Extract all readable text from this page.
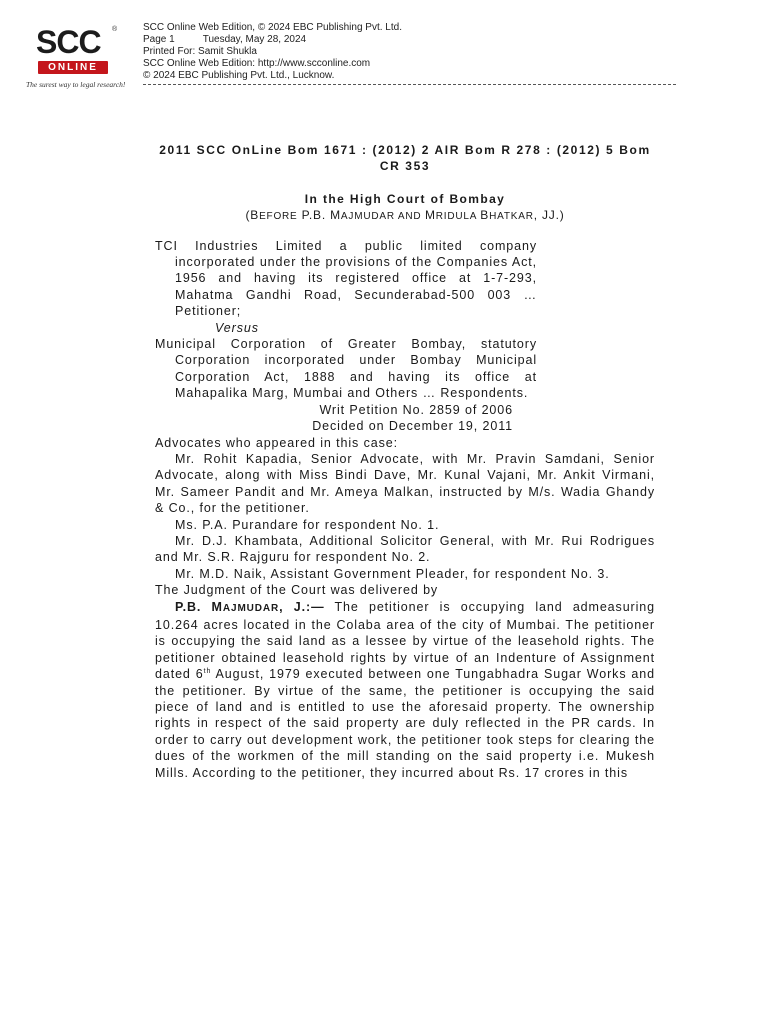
SCC ®
ONLINE
The surest way to legal research!
SCC Online Web Edition, © 2024 EBC Publishing Pvt. Ltd.
Page 1	Tuesday, May 28, 2024
Printed For: Samit Shukla
SCC Online Web Edition: http://www.scconline.com
© 2024 EBC Publishing Pvt. Ltd., Lucknow.
2011 SCC OnLine Bom 1671 : (2012) 2 AIR Bom R 278 : (2012) 5 Bom CR 353
In the High Court of Bombay
(BEFORE P.B. MAJMUDAR AND MRIDULA BHATKAR, JJ.)
TCI Industries Limited a public limited company incorporated under the provisions of the Companies Act, 1956 and having its registered office at 1-7-293, Mahatma Gandhi Road, Secunderabad-500 003 … Petitioner;
Versus
Municipal Corporation of Greater Bombay, statutory Corporation incorporated under Bombay Municipal Corporation Act, 1888 and having its office at Mahapalika Marg, Mumbai and Others … Respondents.
Writ Petition No. 2859 of 2006
Decided on December 19, 2011
Advocates who appeared in this case:
Mr. Rohit Kapadia, Senior Advocate, with Mr. Pravin Samdani, Senior Advocate, along with Miss Bindi Dave, Mr. Kunal Vajani, Mr. Ankit Virmani, Mr. Sameer Pandit and Mr. Ameya Malkan, instructed by M/s. Wadia Ghandy & Co., for the petitioner.
Ms. P.A. Purandare for respondent No. 1.
Mr. D.J. Khambata, Additional Solicitor General, with Mr. Rui Rodrigues and Mr. S.R. Rajguru for respondent No. 2.
Mr. M.D. Naik, Assistant Government Pleader, for respondent No. 3.
The Judgment of the Court was delivered by
P.B. MAJMUDAR, J.:— The petitioner is occupying land admeasuring 10.264 acres located in the Colaba area of the city of Mumbai. The petitioner is occupying the said land as a lessee by virtue of the leasehold rights. The petitioner obtained leasehold rights by virtue of an Indenture of Assignment dated 6th August, 1979 executed between one Tungabhadra Sugar Works and the petitioner. By virtue of the same, the petitioner is occupying the said piece of land and is entitled to use the aforesaid property. The ownership rights in respect of the said property are duly reflected in the PR cards. In order to carry out development work, the petitioner took steps for clearing the dues of the workmen of the mill standing on the said property i.e. Mukesh Mills. According to the petitioner, they incurred about Rs. 17 crores in this
